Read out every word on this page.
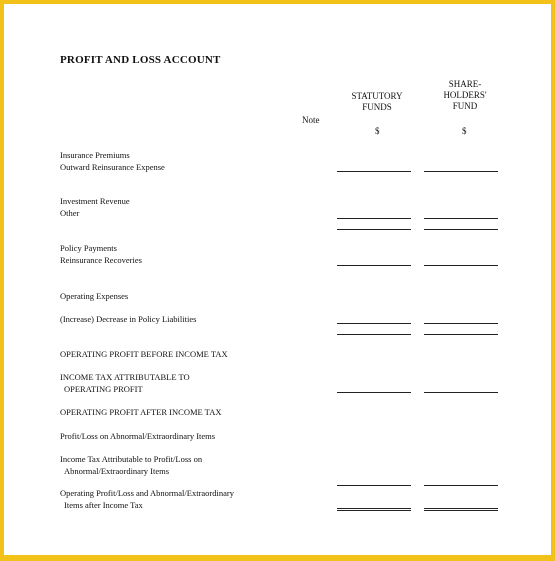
PROFIT AND LOSS ACCOUNT
STATUTORY
FUNDS
SHARE-
HOLDERS'
FUND
Note
$	$
Insurance Premiums
Outward Reinsurance Expense
Investment Revenue
Other
Policy Payments
Reinsurance Recoveries
Operating Expenses
(Increase) Decrease in Policy Liabilities
OPERATING PROFIT BEFORE INCOME TAX
INCOME TAX ATTRIBUTABLE TO
OPERATING PROFIT
OPERATING PROFIT AFTER INCOME TAX
Profit/Loss on Abnormal/Extraordinary Items
Income Tax Attributable to Profit/Loss on
Abnormal/Extraordinary Items
Operating Profit/Loss and Abnormal/Extraordinary
Items after Income Tax
